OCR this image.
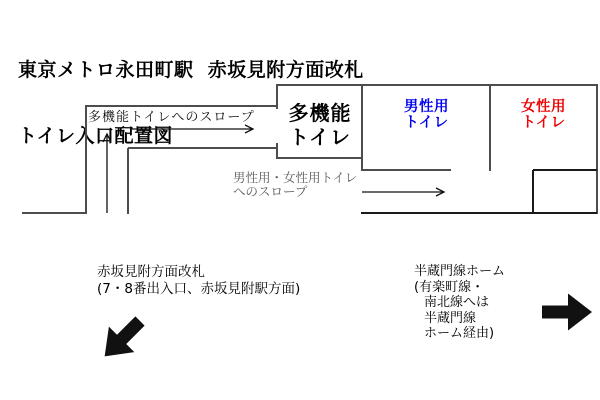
東京メトロ永田町駅  赤坂見附方面改札

トイレ入口配置図

多機能トイレへのスロープ	多機能
トイレ
男性用
トイレ
女性用
トイレ
男性用・女性用トイレ
へのスロープ
赤坂見附方面改札
(7・8番出入口、赤坂見附駅方面)
半蔵門線ホーム
(有楽町線・
南北線へは
半蔵門線
ホーム経由)
